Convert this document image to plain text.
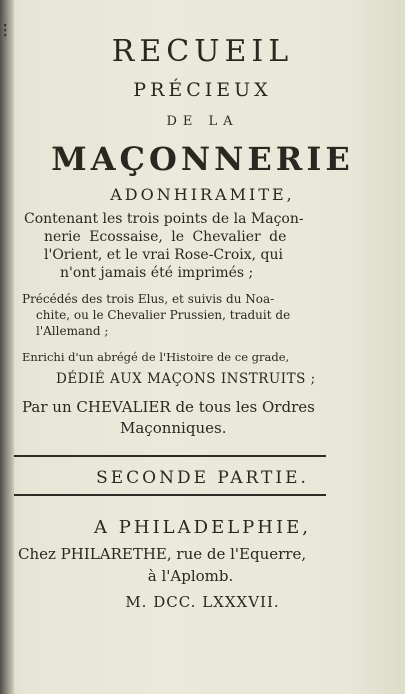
⁝
RECUEIL
PRÉCIEUX
DE LA
MAÇONNERIE
ADONHIRAMITE,
Contenant les trois points de la Maçon-
nerie Ecossaise, le Chevalier de
l'Orient, et le vrai Rose-Croix, qui
n'ont jamais été imprimés ;
Précédés des trois Elus, et suivis du Noa-
chite, ou le Chevalier Prussien, traduit de
l'Allemand ;
Enrichi d'un abrégé de l'Histoire de ce grade,
DÉDIÉ AUX MAÇONS INSTRUITS ;
Par un CHEVALIER de tous les Ordres
Maçonniques.
SECONDE PARTIE.
A PHILADELPHIE,
Chez PHILARETHE, rue de l'Equerre,
à l'Aplomb.
M. DCC. LXXXVII.
